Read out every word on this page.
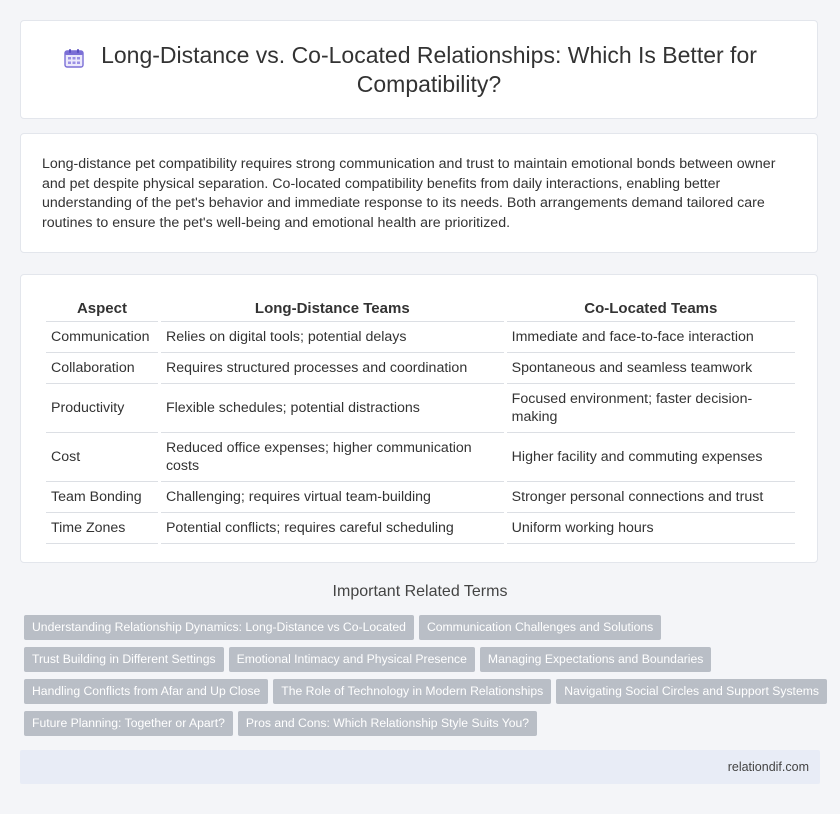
Long-Distance vs. Co-Located Relationships: Which Is Better for Compatibility?
Long-distance pet compatibility requires strong communication and trust to maintain emotional bonds between owner and pet despite physical separation. Co-located compatibility benefits from daily interactions, enabling better understanding of the pet's behavior and immediate response to its needs. Both arrangements demand tailored care routines to ensure the pet's well-being and emotional health are prioritized.
Aspect	Long-Distance Teams	Co-Located Teams
Communication	Relies on digital tools; potential delays	Immediate and face-to-face interaction
Collaboration	Requires structured processes and coordination	Spontaneous and seamless teamwork
Productivity	Flexible schedules; potential distractions	Focused environment; faster decision-making
Cost	Reduced office expenses; higher communication costs	Higher facility and commuting expenses
Team Bonding	Challenging; requires virtual team-building	Stronger personal connections and trust
Time Zones	Potential conflicts; requires careful scheduling	Uniform working hours
Important Related Terms
Understanding Relationship Dynamics: Long-Distance vs Co-Located Communication Challenges and Solutions
Trust Building in Different Settings Emotional Intimacy and Physical Presence Managing Expectations and Boundaries
Handling Conflicts from Afar and Up Close The Role of Technology in Modern Relationships Navigating Social Circles and Support Systems
Future Planning: Together or Apart? Pros and Cons: Which Relationship Style Suits You?
relationdif.com
